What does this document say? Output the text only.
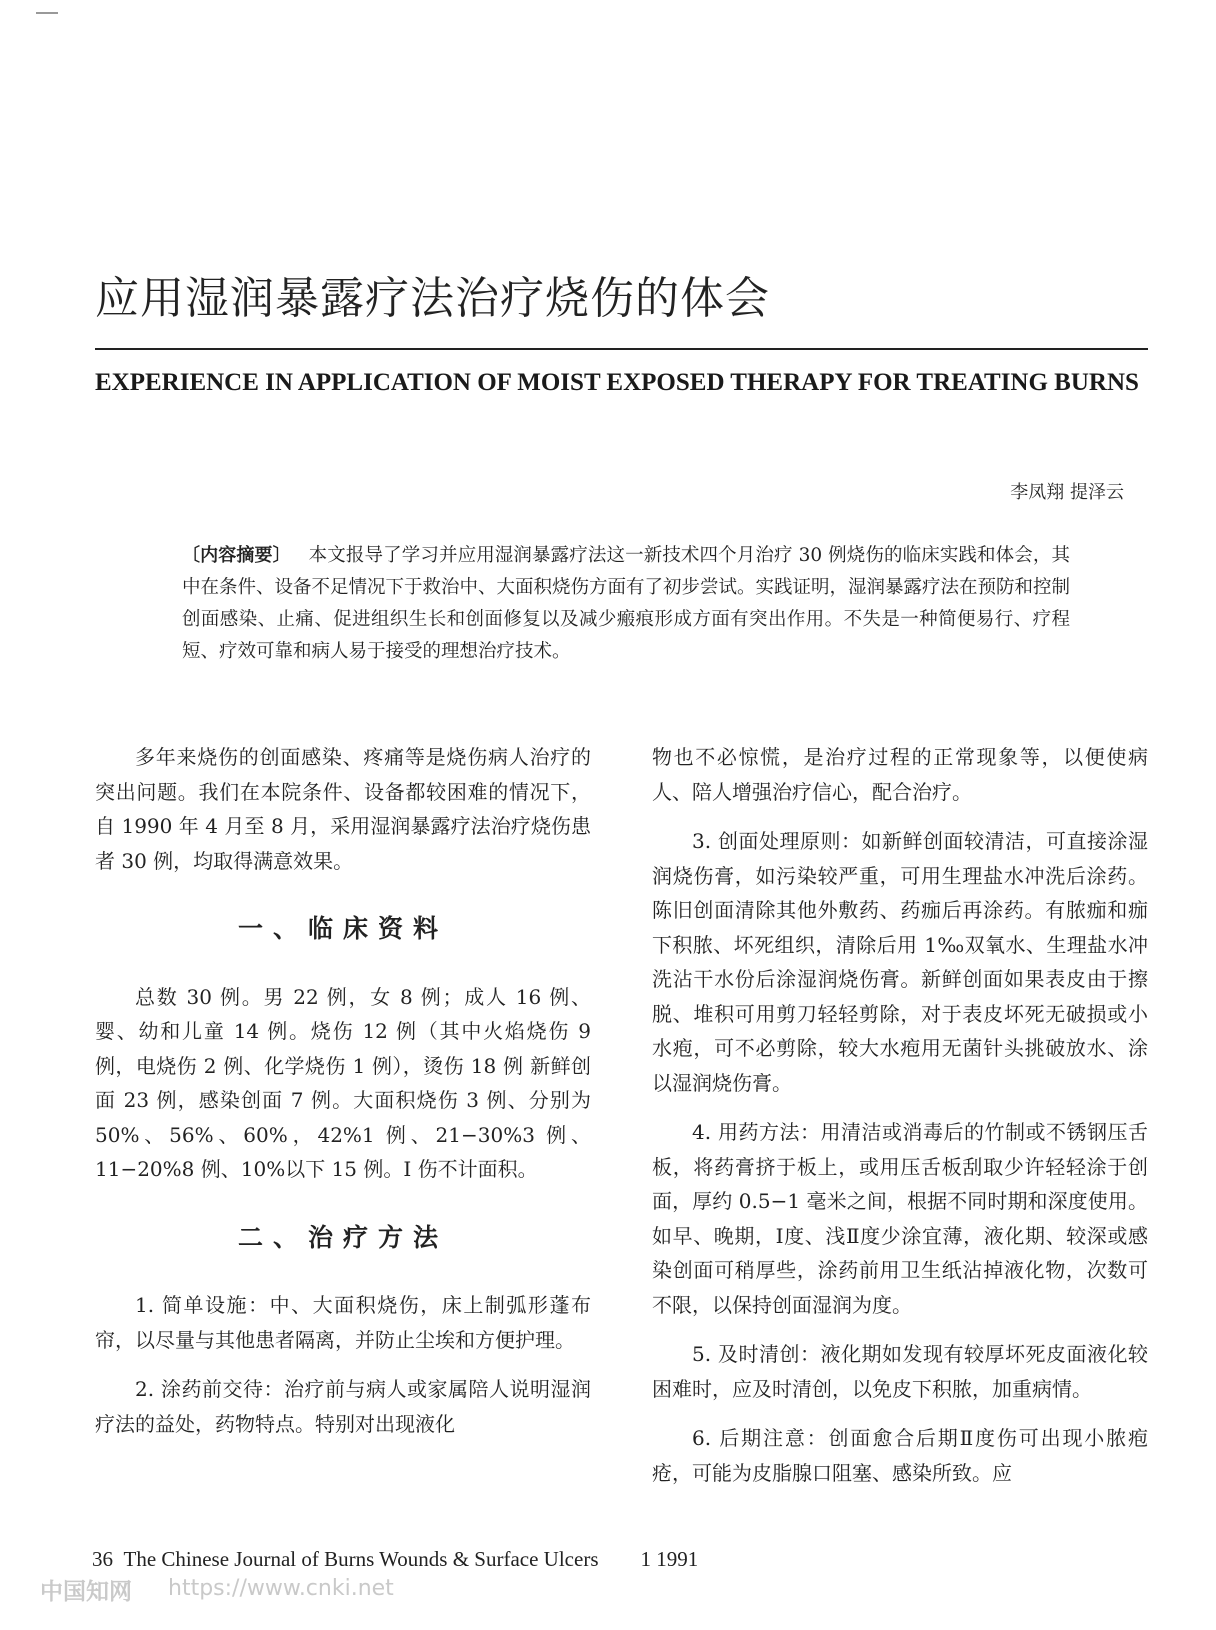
应用湿润暴露疗法治疗烧伤的体会
EXPERIENCE IN APPLICATION OF MOIST EXPOSED THERAPY FOR TREATING BURNS
李凤翔 提泽云
〔内容摘要〕 本文报导了学习并应用湿润暴露疗法这一新技术四个月治疗 30 例烧伤的临床实践和体会，其中在条件、设备不足情况下于救治中、大面积烧伤方面有了初步尝试。实践证明，湿润暴露疗法在预防和控制创面感染、止痛、促进组织生长和创面修复以及减少瘢痕形成方面有突出作用。不失是一种简便易行、疗程短、疗效可靠和病人易于接受的理想治疗技术。

多年来烧伤的创面感染、疼痛等是烧伤病人治疗的突出问题。我们在本院条件、设备都较困难的情况下，自 1990 年 4 月至 8 月，采用湿润暴露疗法治疗烧伤患者 30 例，均取得满意效果。

一、临床资料

总数 30 例。男 22 例，女 8 例；成人 16 例、婴、幼和儿童 14 例。烧伤 12 例（其中火焰烧伤 9 例，电烧伤 2 例、化学烧伤 1 例），烫伤 18 例 新鲜创面 23 例，感染创面 7 例。大面积烧伤 3 例、分别为 50%、56%、60%，42%1 例、21−30%3 例、11−20%8 例、10%以下 15 例。Ⅰ 伤不计面积。

二、治疗方法

1. 简单设施：中、大面积烧伤，床上制弧形蓬布帘，以尽量与其他患者隔离，并防止尘埃和方便护理。

2. 涂药前交待：治疗前与病人或家属陪人说明湿润疗法的益处，药物特点。特别对出现液化

物也不必惊慌，是治疗过程的正常现象等，以便使病人、陪人增强治疗信心，配合治疗。

3. 创面处理原则：如新鲜创面较清洁，可直接涂湿润烧伤膏，如污染较严重，可用生理盐水冲洗后涂药。陈旧创面清除其他外敷药、药痂后再涂药。有脓痂和痂下积脓、坏死组织，清除后用 1‰双氧水、生理盐水冲洗沾干水份后涂湿润烧伤膏。新鲜创面如果表皮由于擦脱、堆积可用剪刀轻轻剪除，对于表皮坏死无破损或小水疱，可不必剪除，较大水疱用无菌针头挑破放水、涂以湿润烧伤膏。

4. 用药方法：用清洁或消毒后的竹制或不锈钢压舌板，将药膏挤于板上，或用压舌板刮取少许轻轻涂于创面，厚约 0.5−1 毫米之间，根据不同时期和深度使用。如早、晚期，Ⅰ度、浅Ⅱ度少涂宜薄，液化期、较深或感染创面可稍厚些，涂药前用卫生纸沾掉液化物，次数可不限，以保持创面湿润为度。

5. 及时清创：液化期如发现有较厚坏死皮面液化较困难时，应及时清创，以免皮下积脓，加重病情。

6. 后期注意：创面愈合后期Ⅱ度伤可出现小脓疱疮，可能为皮脂腺口阻塞、感染所致。应

36 The Chinese Journal of Burns Wounds & Surface Ulcers 1 1991
中国知网 https://www.cnki.net
